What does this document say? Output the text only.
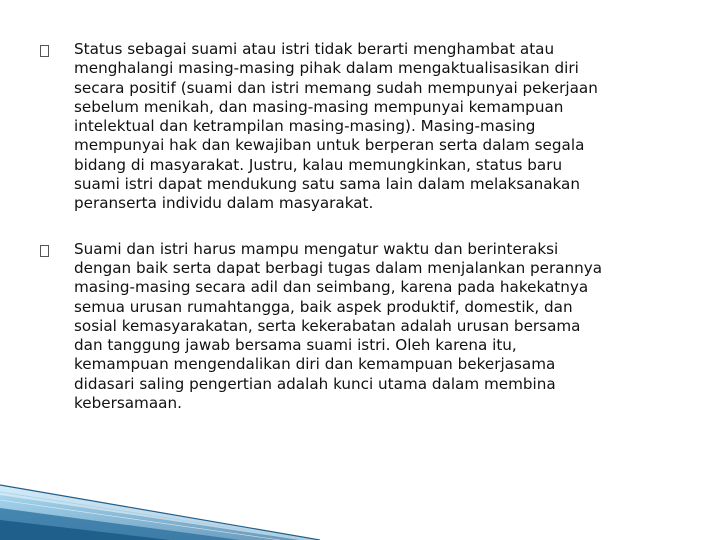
Status sebagai suami atau istri tidak berarti menghambat atau
menghalangi masing-masing pihak dalam mengaktualisasikan diri
secara positif (suami dan istri memang sudah mempunyai pekerjaan
sebelum menikah, dan masing-masing mempunyai kemampuan
intelektual dan ketrampilan masing-masing). Masing-masing
mempunyai hak dan kewajiban untuk berperan serta dalam segala
bidang di masyarakat. Justru, kalau memungkinkan, status baru
suami istri dapat mendukung satu sama lain dalam melaksanakan
peranserta individu dalam masyarakat.
Suami dan istri harus mampu mengatur waktu dan berinteraksi
dengan baik serta dapat berbagi tugas dalam menjalankan perannya
masing-masing secara adil dan seimbang, karena pada hakekatnya
semua urusan rumahtangga, baik aspek produktif, domestik, dan
sosial kemasyarakatan, serta kekerabatan adalah urusan bersama
dan tanggung jawab bersama suami istri. Oleh karena itu,
kemampuan mengendalikan diri dan kemampuan bekerjasama
didasari saling pengertian adalah kunci utama dalam membina
kebersamaan.
